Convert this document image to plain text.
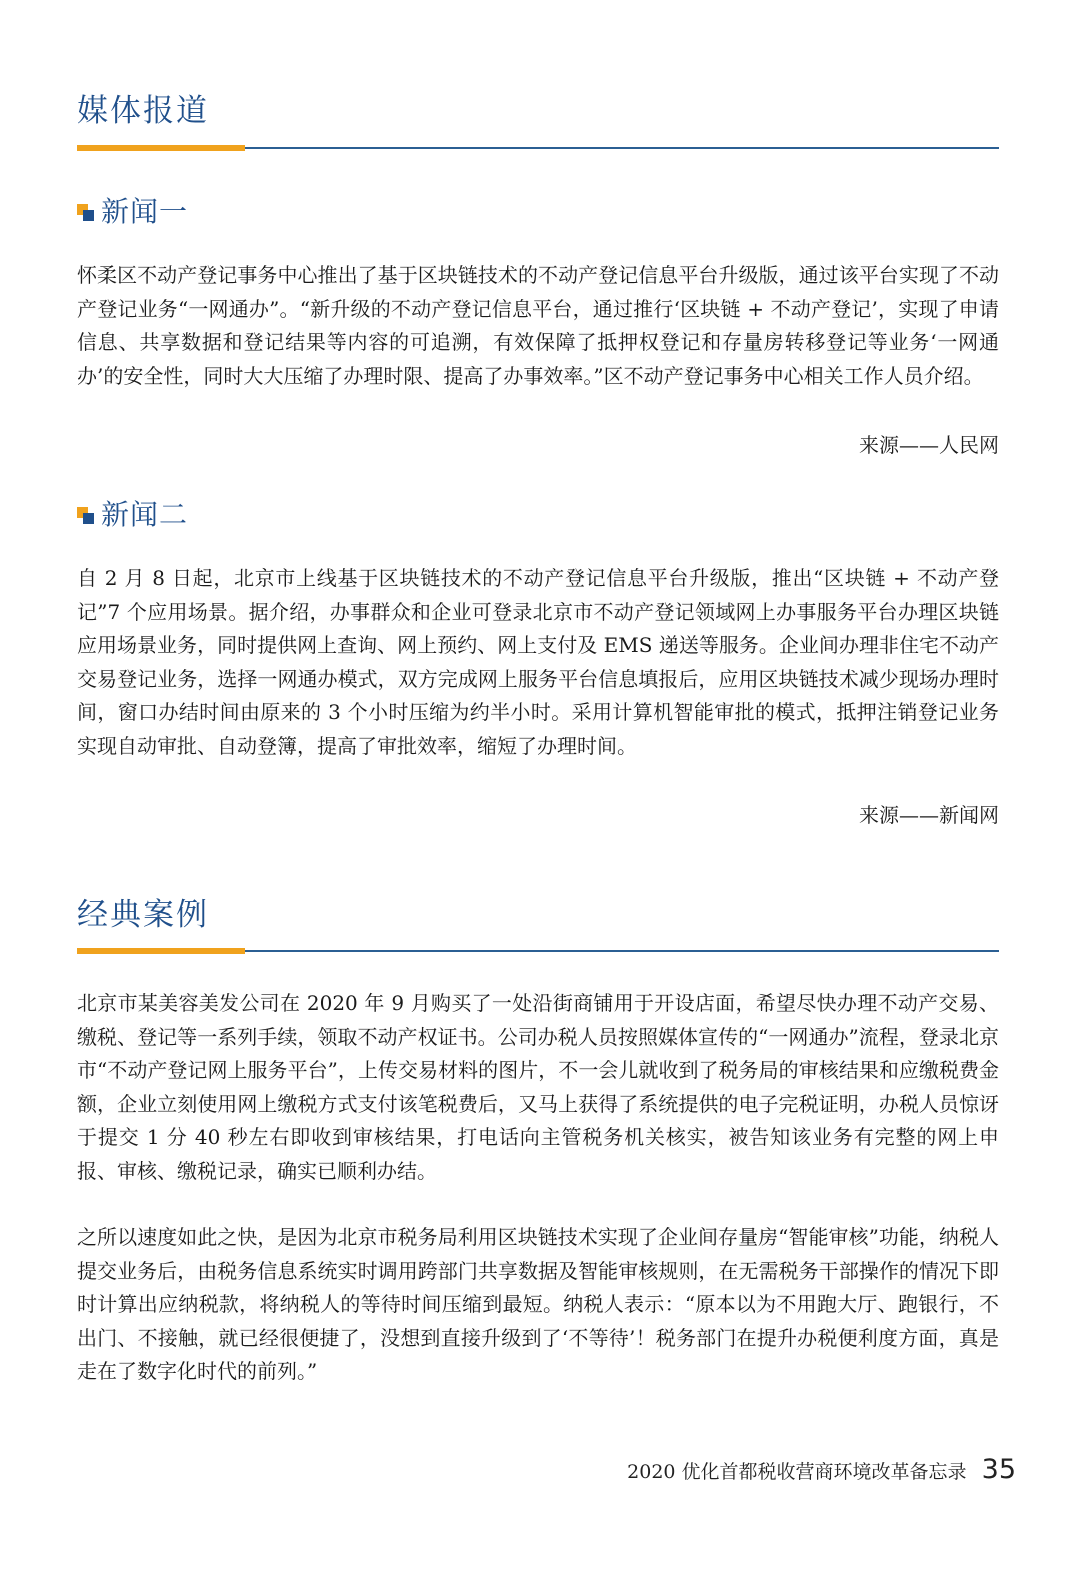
媒体报道
新闻一

怀柔区不动产登记事务中心推出了基于区块链技术的不动产登记信息平台升级版，通过该平台实现了不动产登记业务“一网通办”。“新升级的不动产登记信息平台，通过推行‘区块链 + 不动产登记’，实现了申请信息、共享数据和登记结果等内容的可追溯，有效保障了抵押权登记和存量房转移登记等业务‘一网通办’的安全性，同时大大压缩了办理时限、提高了办事效率。”区不动产登记事务中心相关工作人员介绍。

来源——人民网

新闻二

自 2 月 8 日起，北京市上线基于区块链技术的不动产登记信息平台升级版，推出“区块链 + 不动产登记”7 个应用场景。据介绍，办事群众和企业可登录北京市不动产登记领域网上办事服务平台办理区块链应用场景业务，同时提供网上查询、网上预约、网上支付及 EMS 递送等服务。企业间办理非住宅不动产交易登记业务，选择一网通办模式，双方完成网上服务平台信息填报后，应用区块链技术减少现场办理时间，窗口办结时间由原来的 3 个小时压缩为约半小时。采用计算机智能审批的模式，抵押注销登记业务实现自动审批、自动登簿，提高了审批效率，缩短了办理时间。

来源——新闻网

经典案例

北京市某美容美发公司在 2020 年 9 月购买了一处沿街商铺用于开设店面，希望尽快办理不动产交易、缴税、登记等一系列手续，领取不动产权证书。公司办税人员按照媒体宣传的“一网通办”流程，登录北京市“不动产登记网上服务平台”，上传交易材料的图片，不一会儿就收到了税务局的审核结果和应缴税费金额，企业立刻使用网上缴税方式支付该笔税费后，又马上获得了系统提供的电子完税证明，办税人员惊讶于提交 1 分 40 秒左右即收到审核结果，打电话向主管税务机关核实，被告知该业务有完整的网上申报、审核、缴税记录，确实已顺利办结。

之所以速度如此之快，是因为北京市税务局利用区块链技术实现了企业间存量房“智能审核”功能，纳税人提交业务后，由税务信息系统实时调用跨部门共享数据及智能审核规则，在无需税务干部操作的情况下即时计算出应纳税款，将纳税人的等待时间压缩到最短。纳税人表示：“原本以为不用跑大厅、跑银行，不出门、不接触，就已经很便捷了，没想到直接升级到了‘不等待’！税务部门在提升办税便利度方面，真是走在了数字化时代的前列。”

2020 优化首都税收营商环境改革备忘录 35
